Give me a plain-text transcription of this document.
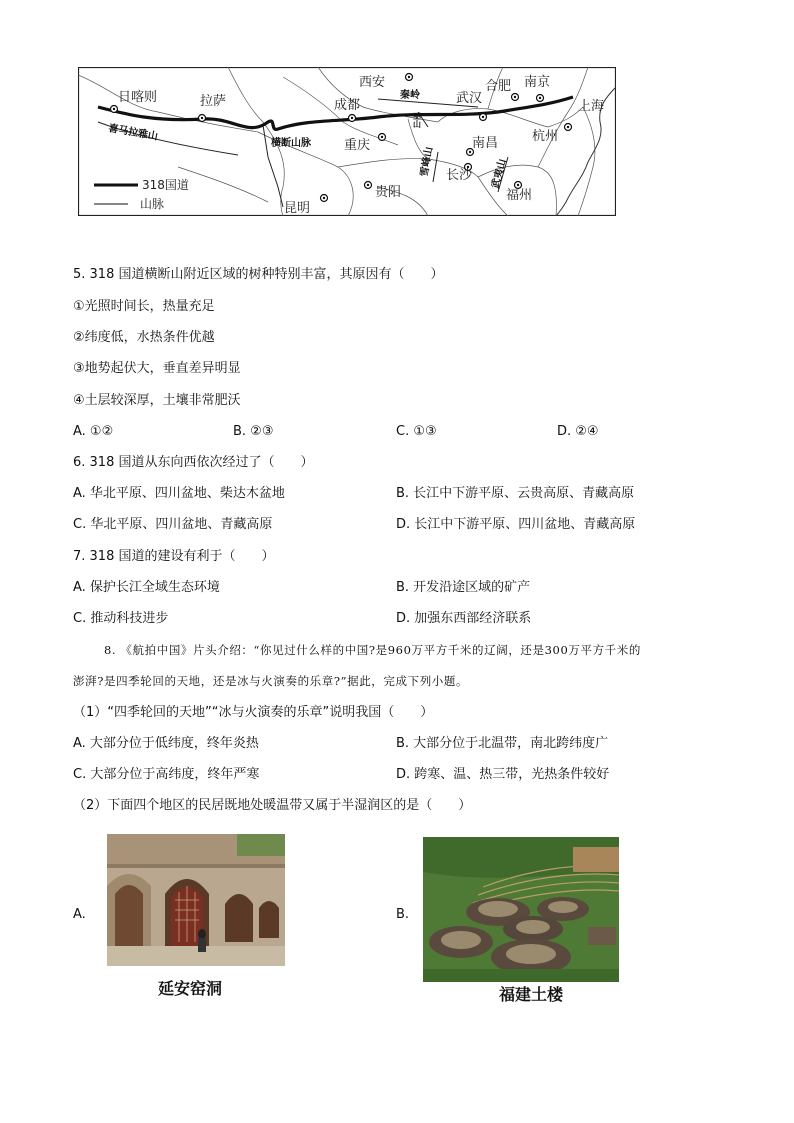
日喀则	拉萨
西安
成都	武汉
合肥 南京
上海
重庆	南昌	杭州
长沙
贵阳	福州
昆明
喜马拉雅山
横断山脉
秦岭
巫山
雪峰山	武夷山
318国道
山脉
5. 318 国道横断山附近区域的树种特别丰富，其原因有（　　）
①光照时间长，热量充足
②纬度低，水热条件优越
③地势起伏大，垂直差异明显
④土层较深厚，土壤非常肥沃
A. ①②	B. ②③	C. ①③	D. ②④
6. 318 国道从东向西依次经过了（　　）
A. 华北平原、四川盆地、柴达木盆地	B. 长江中下游平原、云贵高原、青藏高原
C. 华北平原、四川盆地、青藏高原	D. 长江中下游平原、四川盆地、青藏高原
7. 318 国道的建设有利于（　　）
A. 保护长江全域生态环境	B. 开发沿途区域的矿产
C. 推动科技进步	D. 加强东西部经济联系
8. 《航拍中国》片头介绍：“你见过什么样的中国?是960万平方千米的辽阔，还是300万平方千米的
澎湃?是四季轮回的天地，还是冰与火演奏的乐章?”据此，完成下列小题。
（1）“四季轮回的天地”“冰与火演奏的乐章”说明我国（　　）
A. 大部分位于低纬度，终年炎热	B. 大部分位于北温带，南北跨纬度广
C. 大部分位于高纬度，终年严寒	D. 跨寒、温、热三带，光热条件较好
（2）下面四个地区的民居既地处暖温带又属于半湿润区的是（　　）
A.
延安窑洞
B.
福建土楼
